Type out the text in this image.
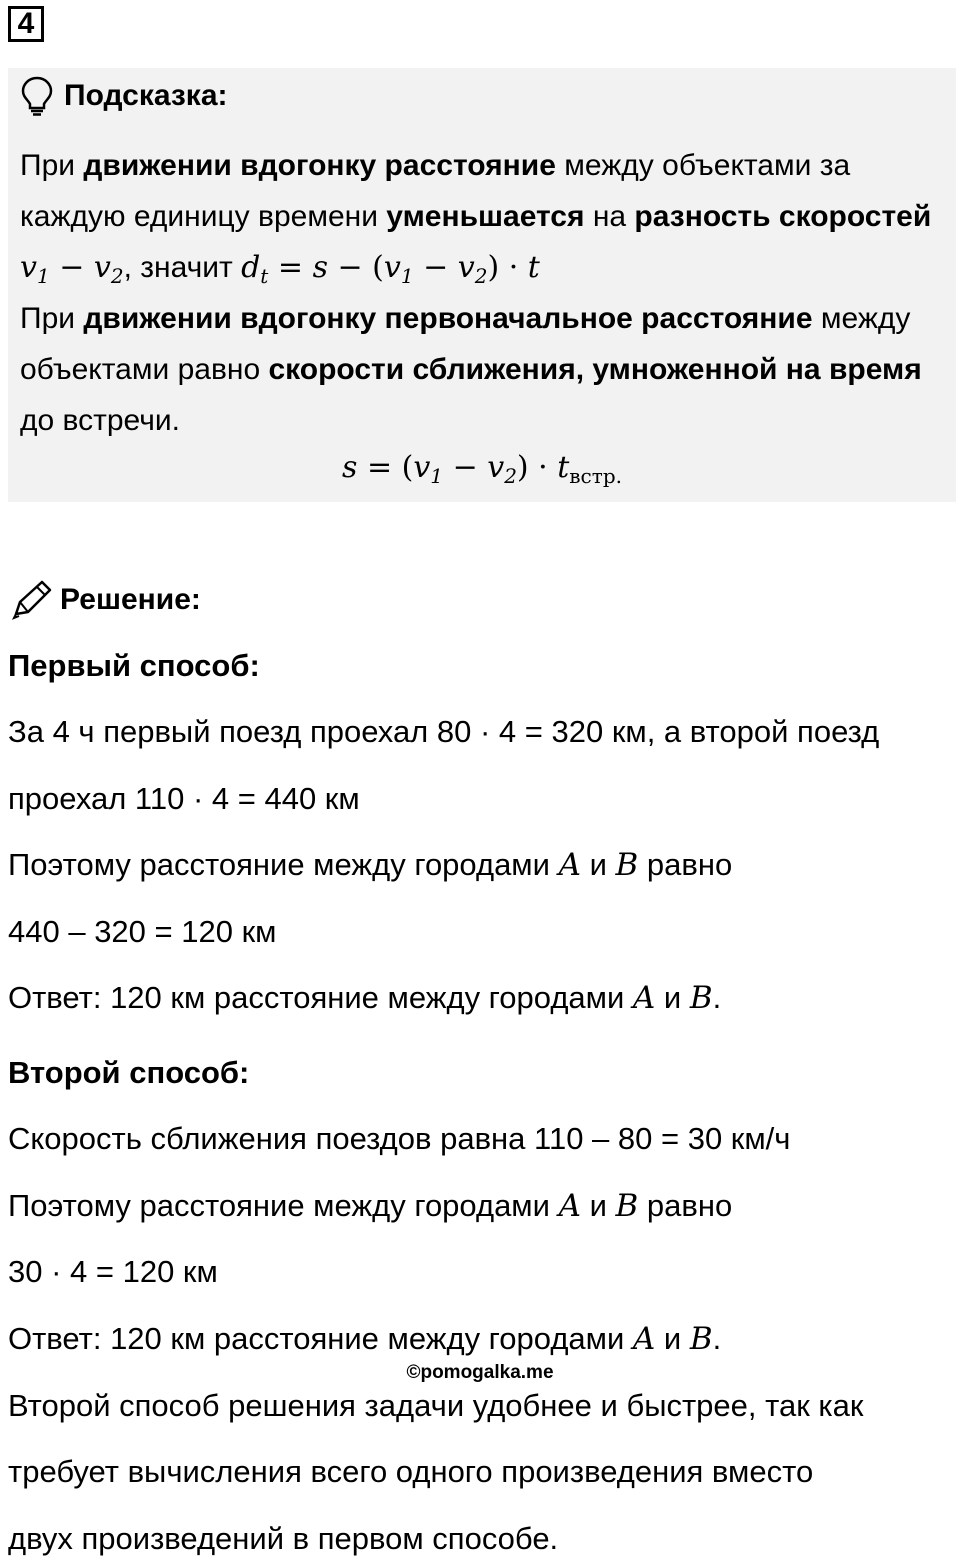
4
Подсказка:
При движении вдогонку расстояние между объектами за каждую единицу времени уменьшается на разность скоростей $v_1 - v_2$, значит $d_t = s - (v_1 - v_2) \cdot t$
При движении вдогонку первоначальное расстояние между объектами равно скорости сближения, умноженной на время до встречи.
$s = (v_1 - v_2) \cdot t_{встр.}$
Решение:
Первый способ:
За 4 ч первый поезд проехал 80 · 4 = 320 км, а второй поезд
проехал 110 · 4 = 440 км
Поэтому расстояние между городами A и B равно
440 – 320 = 120 км
Ответ: 120 км расстояние между городами A и B.
Второй способ:
Скорость сближения поездов равна 110 – 80 = 30 км/ч
Поэтому расстояние между городами A и B равно
30 · 4 = 120 км
Ответ: 120 км расстояние между городами A и B.
©pomogalka.me
Второй способ решения задачи удобнее и быстрее, так как
требует вычисления всего одного произведения вместо
двух произведений в первом способе.
